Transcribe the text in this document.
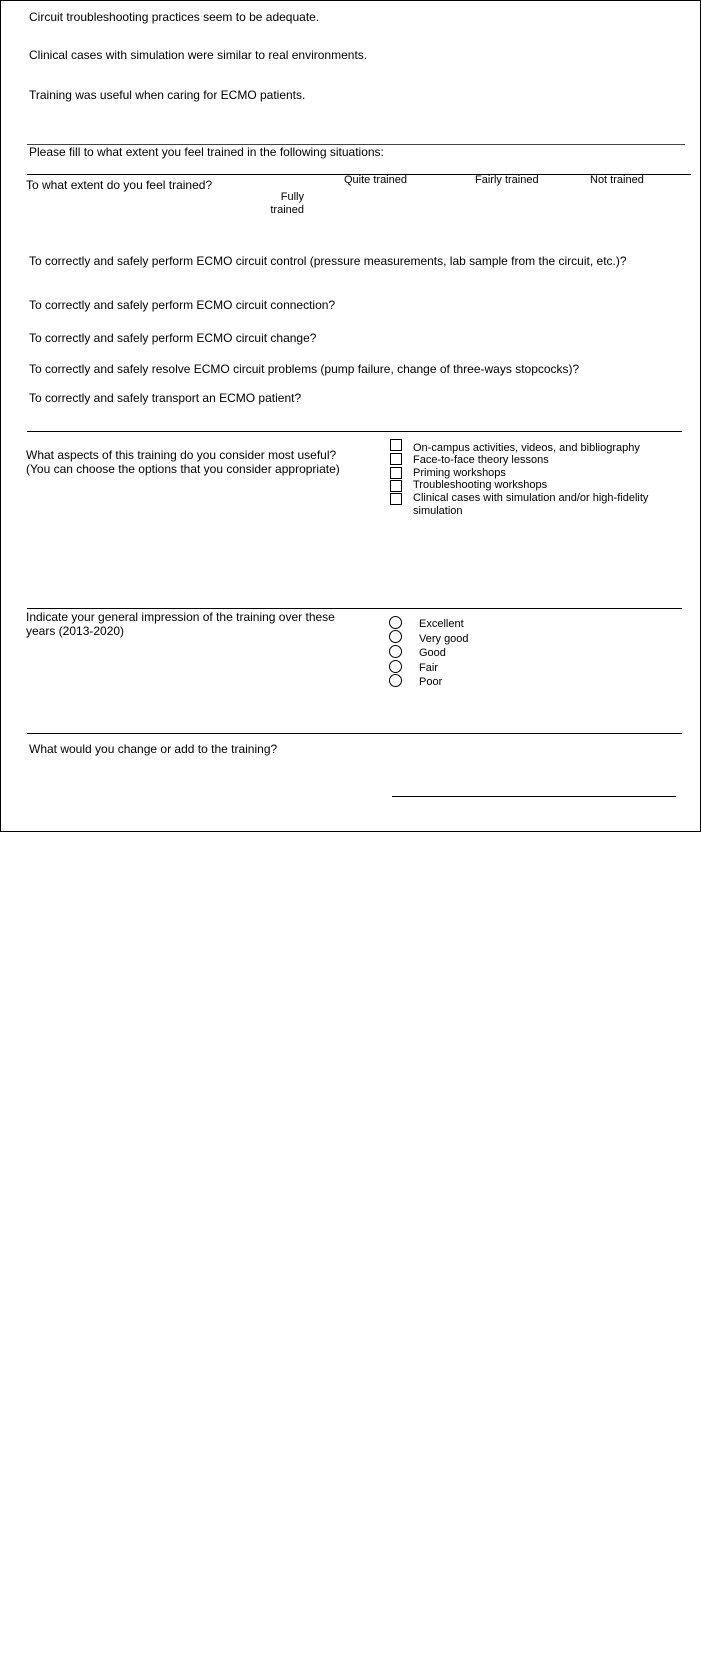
Circuit troubleshooting practices seem to be adequate.
Clinical cases with simulation were similar to real environments.
Training was useful when caring for ECMO patients.
Please fill to what extent you feel trained in the following situations:
To what extent do you feel trained?
Fully trained
Quite trained	Fairly trained	Not trained
To correctly and safely perform ECMO circuit control (pressure measurements, lab sample from the circuit, etc.)?
To correctly and safely perform ECMO circuit connection?
To correctly and safely perform ECMO circuit change?
To correctly and safely resolve ECMO circuit problems (pump failure, change of three-ways stopcocks)?
To correctly and safely transport an ECMO patient?
What aspects of this training do you consider most useful?
(You can choose the options that you consider appropriate)
On-campus activities, videos, and bibliography
Face-to-face theory lessons
Priming workshops
Troubleshooting workshops
Clinical cases with simulation and/or high-fidelity simulation
Indicate your general impression of the training over these years (2013-2020)	Excellent
Very good
Good
Fair
Poor
What would you change or add to the training?
